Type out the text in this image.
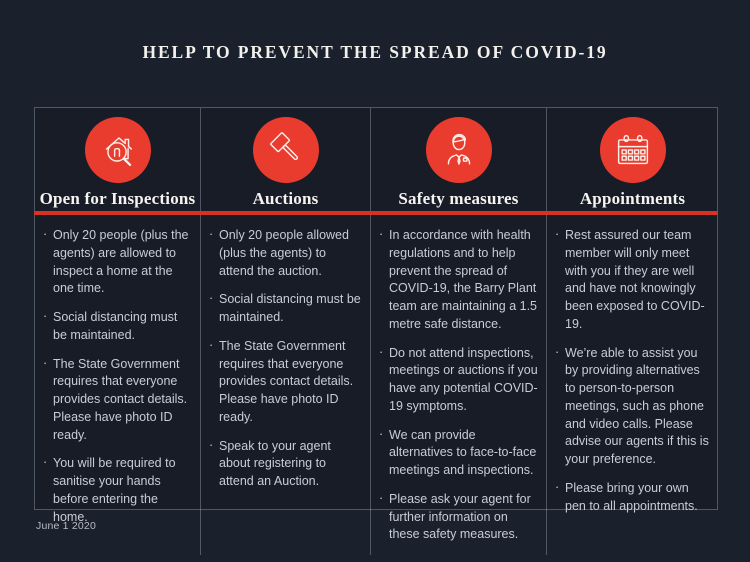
HELP TO PREVENT THE SPREAD OF COVID-19
Open for Inspections
· Only 20 people (plus the agents) are allowed to inspect a home at the one time.
· Social distancing must be maintained.
· The State Government requires that everyone provides contact details. Please have photo ID ready.
· You will be required to sanitise your hands before entering the home.
Auctions
· Only 20 people allowed (plus the agents) to attend the auction.
· Social distancing must be maintained.
· The State Government requires that everyone provides contact details. Please have photo ID ready.
· Speak to your agent about registering to attend an Auction.
Safety measures
· In accordance with health regulations and to help prevent the spread of COVID-19, the Barry Plant team are maintaining a 1.5 metre safe distance.
· Do not attend inspections, meetings or auctions if you have any potential COVID-19 symptoms.
· We can provide alternatives to face-to-face meetings and inspections.
· Please ask your agent for further information on these safety measures.
Appointments
· Rest assured our team member will only meet with you if they are well and have not knowingly been exposed to COVID-19.
· We’re able to assist you by providing alternatives to person-to-person meetings, such as phone and video calls. Please advise our agents if this is your preference.
· Please bring your own pen to all appointments.
June 1 2020
